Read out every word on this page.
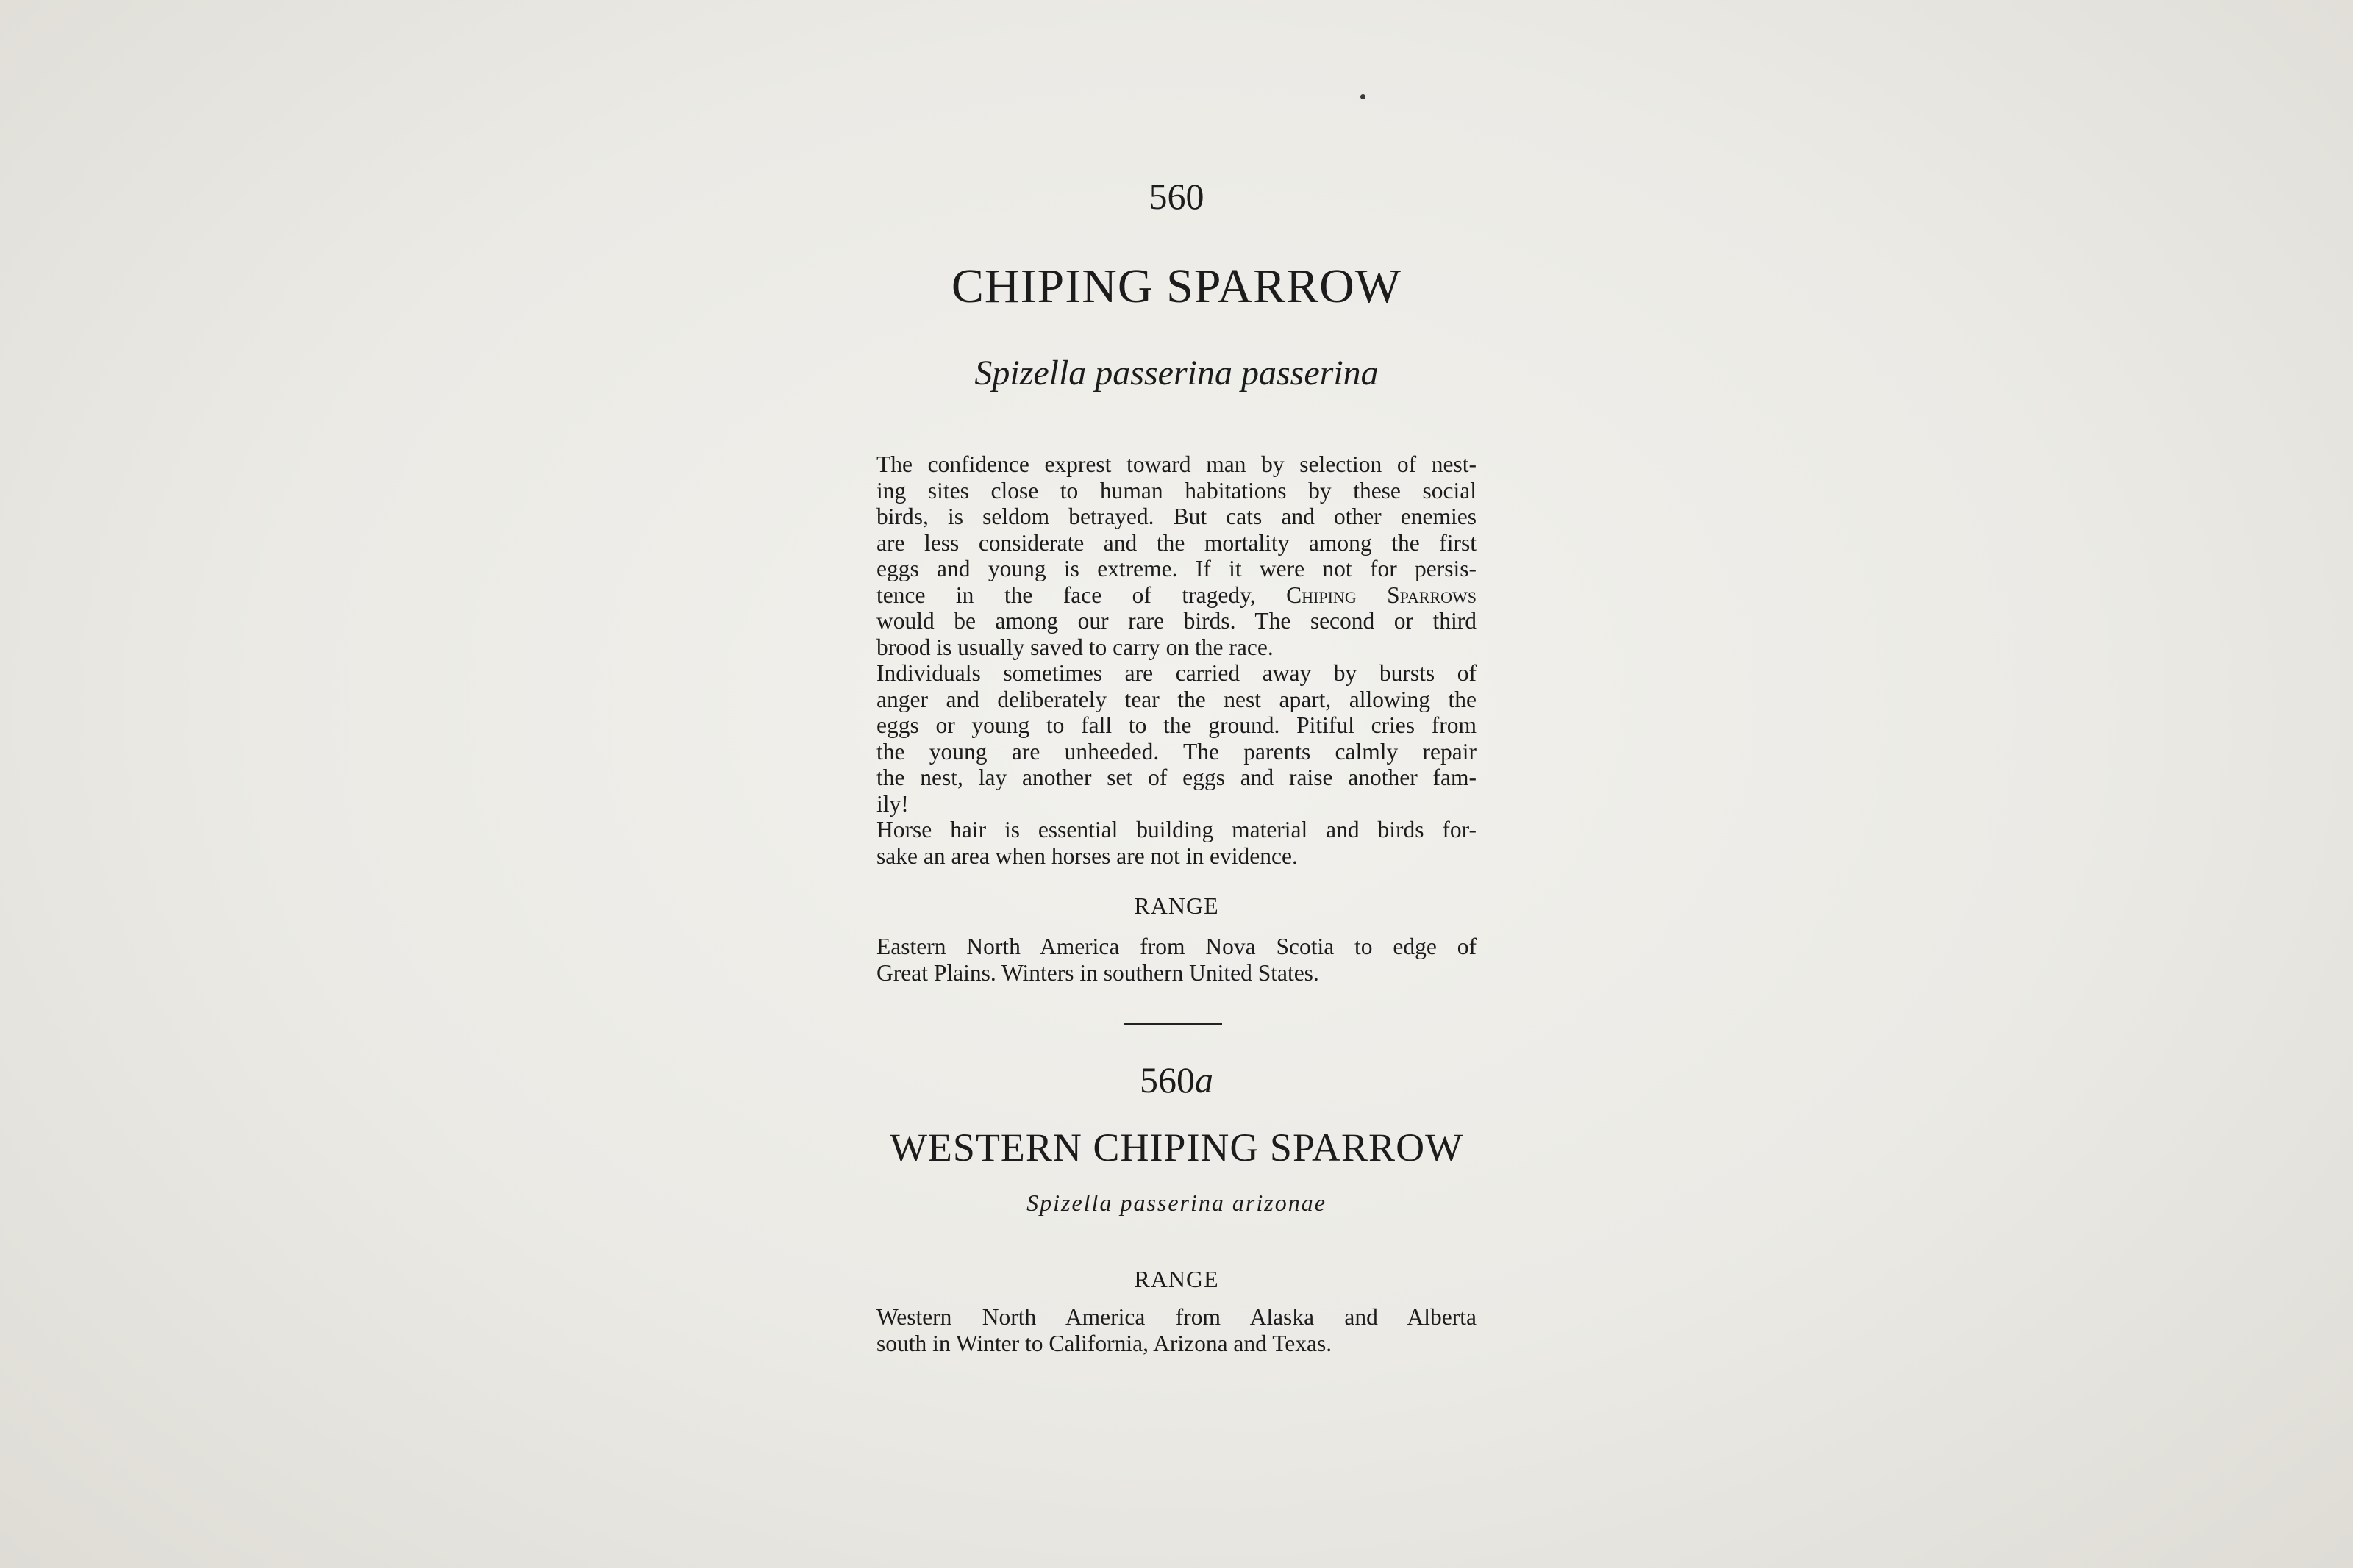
560
CHIPING SPARROW
Spizella passerina passerina
The confidence exprest toward man by selection of nest-
ing sites close to human habitations by these social
birds, is seldom betrayed. But cats and other enemies
are less considerate and the mortality among the first
eggs and young is extreme. If it were not for persis-
tence in the face of tragedy, Chiping Sparrows
would be among our rare birds. The second or third
brood is usually saved to carry on the race.
Individuals sometimes are carried away by bursts of
anger and deliberately tear the nest apart, allowing the
eggs or young to fall to the ground. Pitiful cries from
the young are unheeded. The parents calmly repair
the nest, lay another set of eggs and raise another fam-
ily!
Horse hair is essential building material and birds for-
sake an area when horses are not in evidence.
RANGE
Eastern North America from Nova Scotia to edge of
Great Plains. Winters in southern United States.
560a
WESTERN CHIPING SPARROW
Spizella passerina arizonae
RANGE
Western North America from Alaska and Alberta
south in Winter to California, Arizona and Texas.
